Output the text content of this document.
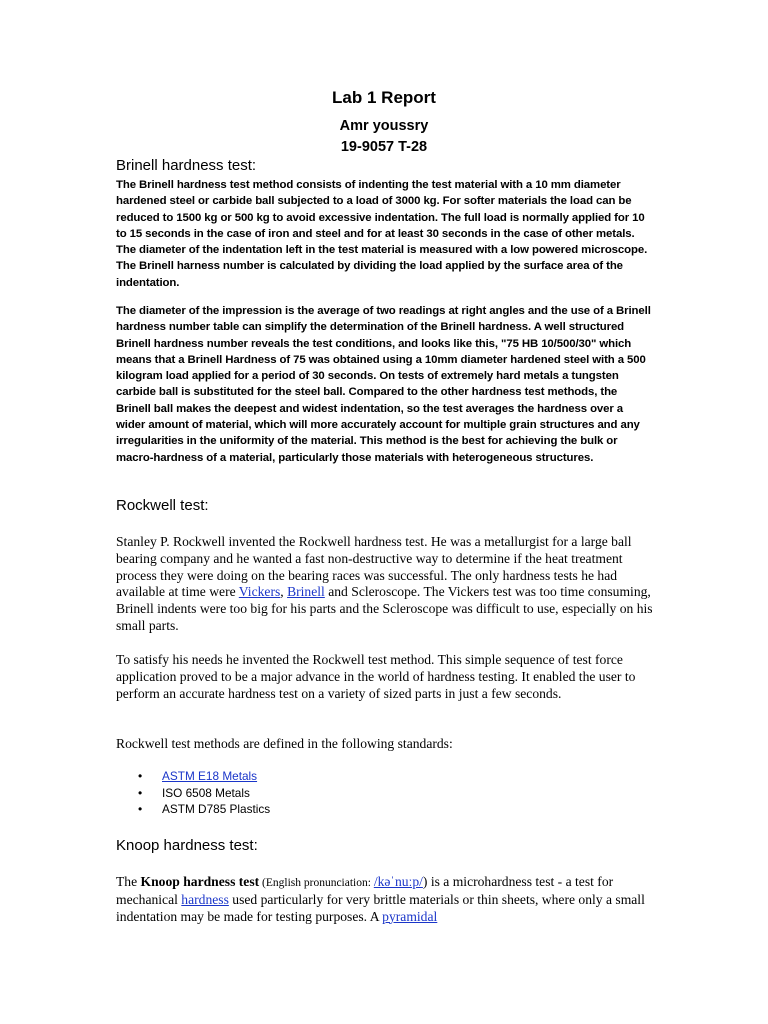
Lab 1 Report
Amr youssry
19-9057 T-28
Brinell hardness test:
The Brinell hardness test method consists of indenting the test material with a 10 mm diameter hardened steel or carbide ball subjected to a load of 3000 kg. For softer materials the load can be reduced to 1500 kg or 500 kg to avoid excessive indentation. The full load is normally applied for 10 to 15 seconds in the case of iron and steel and for at least 30 seconds in the case of other metals. The diameter of the indentation left in the test material is measured with a low powered microscope. The Brinell harness number is calculated by dividing the load applied by the surface area of the indentation.
The diameter of the impression is the average of two readings at right angles and the use of a Brinell hardness number table can simplify the determination of the Brinell hardness. A well structured Brinell hardness number reveals the test conditions, and looks like this, "75 HB 10/500/30" which means that a Brinell Hardness of 75 was obtained using a 10mm diameter hardened steel with a 500 kilogram load applied for a period of 30 seconds. On tests of extremely hard metals a tungsten carbide ball is substituted for the steel ball. Compared to the other hardness test methods, the Brinell ball makes the deepest and widest indentation, so the test averages the hardness over a wider amount of material, which will more accurately account for multiple grain structures and any irregularities in the uniformity of the material. This method is the best for achieving the bulk or macro-hardness of a material, particularly those materials with heterogeneous structures.
Rockwell test:
Stanley P. Rockwell invented the Rockwell hardness test. He was a metallurgist for a large ball bearing company and he wanted a fast non-destructive way to determine if the heat treatment process they were doing on the bearing races was successful. The only hardness tests he had available at time were Vickers, Brinell and Scleroscope. The Vickers test was too time consuming, Brinell indents were too big for his parts and the Scleroscope was difficult to use, especially on his small parts.
To satisfy his needs he invented the Rockwell test method. This simple sequence of test force application proved to be a major advance in the world of hardness testing. It enabled the user to perform an accurate hardness test on a variety of sized parts in just a few seconds.
Rockwell test methods are defined in the following standards:
• ASTM E18 Metals
• ISO 6508 Metals
• ASTM D785 Plastics
Knoop hardness test:
The Knoop hardness test (English pronunciation: /kəˈnuːp/) is a microhardness test - a test for mechanical hardness used particularly for very brittle materials or thin sheets, where only a small indentation may be made for testing purposes. A pyramidal
